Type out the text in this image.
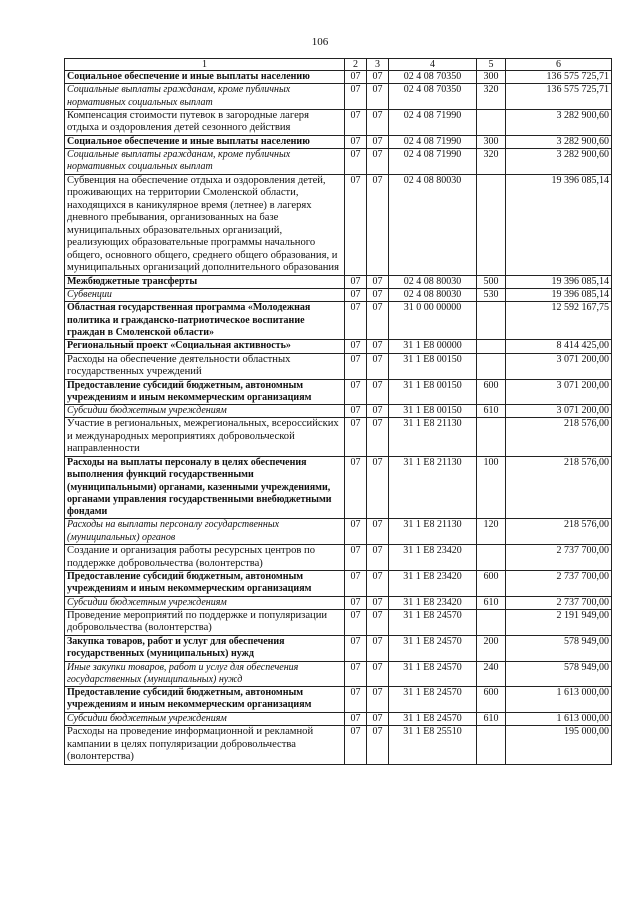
106
1	2	3	4	5	6
Социальное обеспечение и иные выплаты населению	07	07	02 4 08 70350	300	136 575 725,71
Социальные выплаты гражданам, кроме публичных нормативных социальных выплат	07	07	02 4 08 70350	320	136 575 725,71
Компенсация стоимости путевок в загородные лагеря отдыха и оздоровления детей сезонного действия	07	07	02 4 08 71990		3 282 900,60
Социальное обеспечение и иные выплаты населению	07	07	02 4 08 71990	300	3 282 900,60
Социальные выплаты гражданам, кроме публичных нормативных социальных выплат	07	07	02 4 08 71990	320	3 282 900,60
Субвенция на обеспечение отдыха и оздоровления детей, проживающих на территории Смоленской области, находящихся в каникулярное время (летнее) в лагерях дневного пребывания, организованных на базе муниципальных образовательных организаций, реализующих образовательные программы начального общего, основного общего, среднего общего образования, и муниципальных организаций дополнительного образования	07	07	02 4 08 80030		19 396 085,14
Межбюджетные трансферты	07	07	02 4 08 80030	500	19 396 085,14
Субвенции	07	07	02 4 08 80030	530	19 396 085,14
Областная государственная программа «Молодежная политика и гражданско-патриотическое воспитание граждан в Смоленской области»	07	07	31 0 00 00000		12 592 167,75
Региональный проект «Социальная активность»	07	07	31 1 E8 00000		8 414 425,00
Расходы на обеспечение деятельности областных государственных учреждений	07	07	31 1 E8 00150		3 071 200,00
Предоставление субсидий бюджетным, автономным учреждениям и иным некоммерческим организациям	07	07	31 1 E8 00150	600	3 071 200,00
Субсидии бюджетным учреждениям	07	07	31 1 E8 00150	610	3 071 200,00
Участие в региональных, межрегиональных, всероссийских и международных мероприятиях добровольческой направленности	07	07	31 1 E8 21130		218 576,00
Расходы на выплаты персоналу в целях обеспечения выполнения функций государственными (муниципальными) органами, казенными учреждениями, органами управления государственными внебюджетными фондами	07	07	31 1 E8 21130	100	218 576,00
Расходы на выплаты персоналу государственных (муниципальных) органов	07	07	31 1 E8 21130	120	218 576,00
Создание и организация работы ресурсных центров по поддержке добровольчества (волонтерства)	07	07	31 1 E8 23420		2 737 700,00
Предоставление субсидий бюджетным, автономным учреждениям и иным некоммерческим организациям	07	07	31 1 E8 23420	600	2 737 700,00
Субсидии бюджетным учреждениям	07	07	31 1 E8 23420	610	2 737 700,00
Проведение мероприятий по поддержке и популяризации добровольчества (волонтерства)	07	07	31 1 E8 24570		2 191 949,00
Закупка товаров, работ и услуг для обеспечения государственных (муниципальных) нужд	07	07	31 1 E8 24570	200	578 949,00
Иные закупки товаров, работ и услуг для обеспечения государственных (муниципальных) нужд	07	07	31 1 E8 24570	240	578 949,00
Предоставление субсидий бюджетным, автономным учреждениям и иным некоммерческим организациям	07	07	31 1 E8 24570	600	1 613 000,00
Субсидии бюджетным учреждениям	07	07	31 1 E8 24570	610	1 613 000,00
Расходы на проведение информационной и рекламной кампании в целях популяризации добровольчества (волонтерства)	07	07	31 1 E8 25510		195 000,00
